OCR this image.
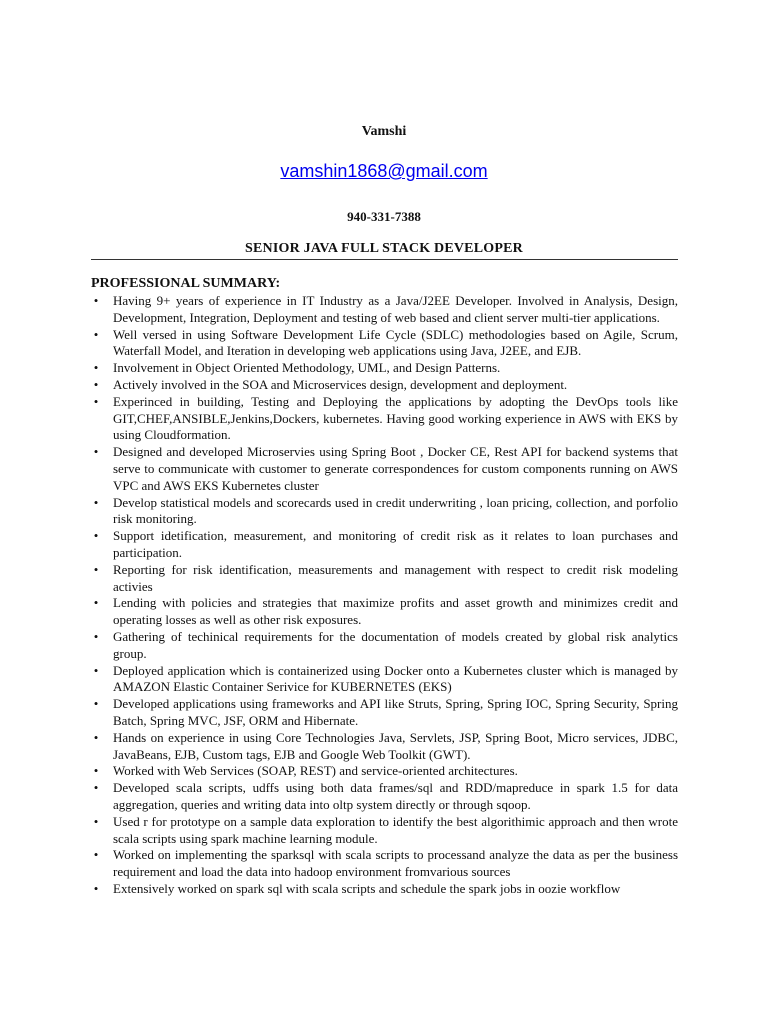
Vamshi
vamshin1868@gmail.com
940-331-7388
SENIOR JAVA FULL STACK DEVELOPER
PROFESSIONAL SUMMARY:
• Having 9+ years of experience in IT Industry as a Java/J2EE Developer. Involved in Analysis, Design, Development, Integration, Deployment and testing of web based and client server multi-tier applications.
• Well versed in using Software Development Life Cycle (SDLC) methodologies based on Agile, Scrum, Waterfall Model, and Iteration in developing web applications using Java, J2EE, and EJB.
• Involvement in Object Oriented Methodology, UML, and Design Patterns.
• Actively involved in the SOA and Microservices design, development and deployment.
• Experinced in building, Testing and Deploying the applications by adopting the DevOps tools like GIT,CHEF,ANSIBLE,Jenkins,Dockers, kubernetes. Having good working experience in AWS with EKS by using Cloudformation.
• Designed and developed Microservies using Spring Boot , Docker CE, Rest API for backend systems that serve to communicate with customer to generate correspondences for custom components running on AWS VPC and AWS EKS Kubernetes cluster
• Develop statistical models and scorecards used in credit underwriting , loan pricing, collection, and porfolio risk monitoring.
• Support idetification, measurement, and monitoring of credit risk as it relates to loan purchases and participation.
• Reporting for risk identification, measurements and management with respect to credit risk modeling activies
• Lending with policies and strategies that maximize profits and asset growth and minimizes credit and operating losses as well as other risk exposures.
• Gathering of techinical requirements for the documentation of models created by global risk analytics group.
• Deployed application which is containerized using Docker onto a Kubernetes cluster which is managed by AMAZON Elastic Container Serivice for KUBERNETES (EKS)
• Developed applications using frameworks and API like Struts, Spring, Spring IOC, Spring Security, Spring Batch, Spring MVC, JSF, ORM and Hibernate.
• Hands on experience in using Core Technologies Java, Servlets, JSP, Spring Boot, Micro services, JDBC, JavaBeans, EJB, Custom tags, EJB and Google Web Toolkit (GWT).
• Worked with Web Services (SOAP, REST) and service-oriented architectures.
• Developed scala scripts, udffs using both data frames/sql and RDD/mapreduce in spark 1.5 for data aggregation, queries and writing data into oltp system directly or through sqoop.
• Used r for prototype on a sample data exploration to identify the best algorithimic approach and then wrote scala scripts using spark machine learning module.
• Worked on implementing the sparksql with scala scripts to processand analyze the data as per the business requirement and load the data into hadoop environment fromvarious sources
• Extensively worked on spark sql with scala scripts and schedule the spark jobs in oozie workflow
